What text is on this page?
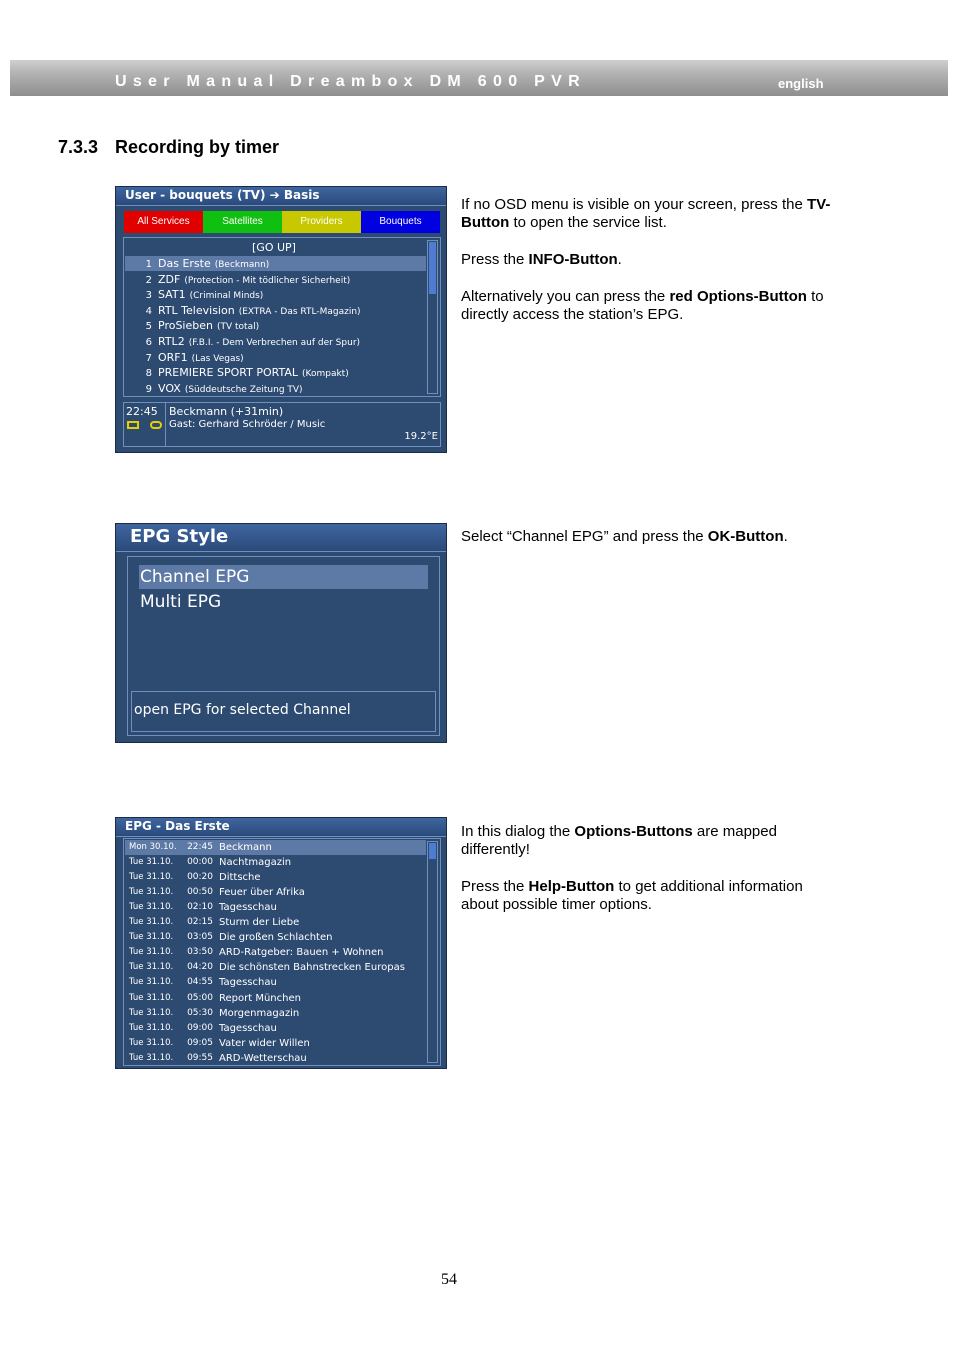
User Manual Dreambox DM 600 PVR	english
7.3.3 Recording by timer
User - bouquets (TV) ➔ Basis
All Services	Satellites	Providers	Bouquets
[GO UP]
1 Das Erste (Beckmann)
2 ZDF (Protection - Mit tödlicher Sicherheit)
3 SAT1 (Criminal Minds)
4 RTL Television (EXTRA - Das RTL-Magazin)
5 ProSieben (TV total)
6 RTL2 (F.B.I. - Dem Verbrechen auf der Spur)
7 ORF1 (Las Vegas)
8 PREMIERE SPORT PORTAL (Kompakt)
9 VOX (Süddeutsche Zeitung TV)
22:45 Beckmann (+31min)
Gast: Gerhard Schröder / Music
19.2°E

If no OSD menu is visible on your screen, press the TV-Button to open the service list.

Press the INFO-Button.

Alternatively you can press the red Options-Button to directly access the station’s EPG.

EPG Style
Channel EPG
Multi EPG
open EPG for selected Channel

Select “Channel EPG” and press the OK-Button.

EPG - Das Erste
Mon 30.10.	22:45 Beckmann
Tue 31.10.	00:00 Nachtmagazin
Tue 31.10.	00:20 Dittsche
Tue 31.10.	00:50 Feuer über Afrika
Tue 31.10.	02:10 Tagesschau
Tue 31.10.	02:15 Sturm der Liebe
Tue 31.10.	03:05 Die großen Schlachten
Tue 31.10.	03:50 ARD-Ratgeber: Bauen + Wohnen
Tue 31.10.	04:20 Die schönsten Bahnstrecken Europas
Tue 31.10.	04:55 Tagesschau
Tue 31.10.	05:00 Report München
Tue 31.10.	05:30 Morgenmagazin
Tue 31.10.	09:00 Tagesschau
Tue 31.10.	09:05 Vater wider Willen
Tue 31.10.	09:55 ARD-Wetterschau

In this dialog the Options-Buttons are mapped differently!

Press the Help-Button to get additional information about possible timer options.

54
